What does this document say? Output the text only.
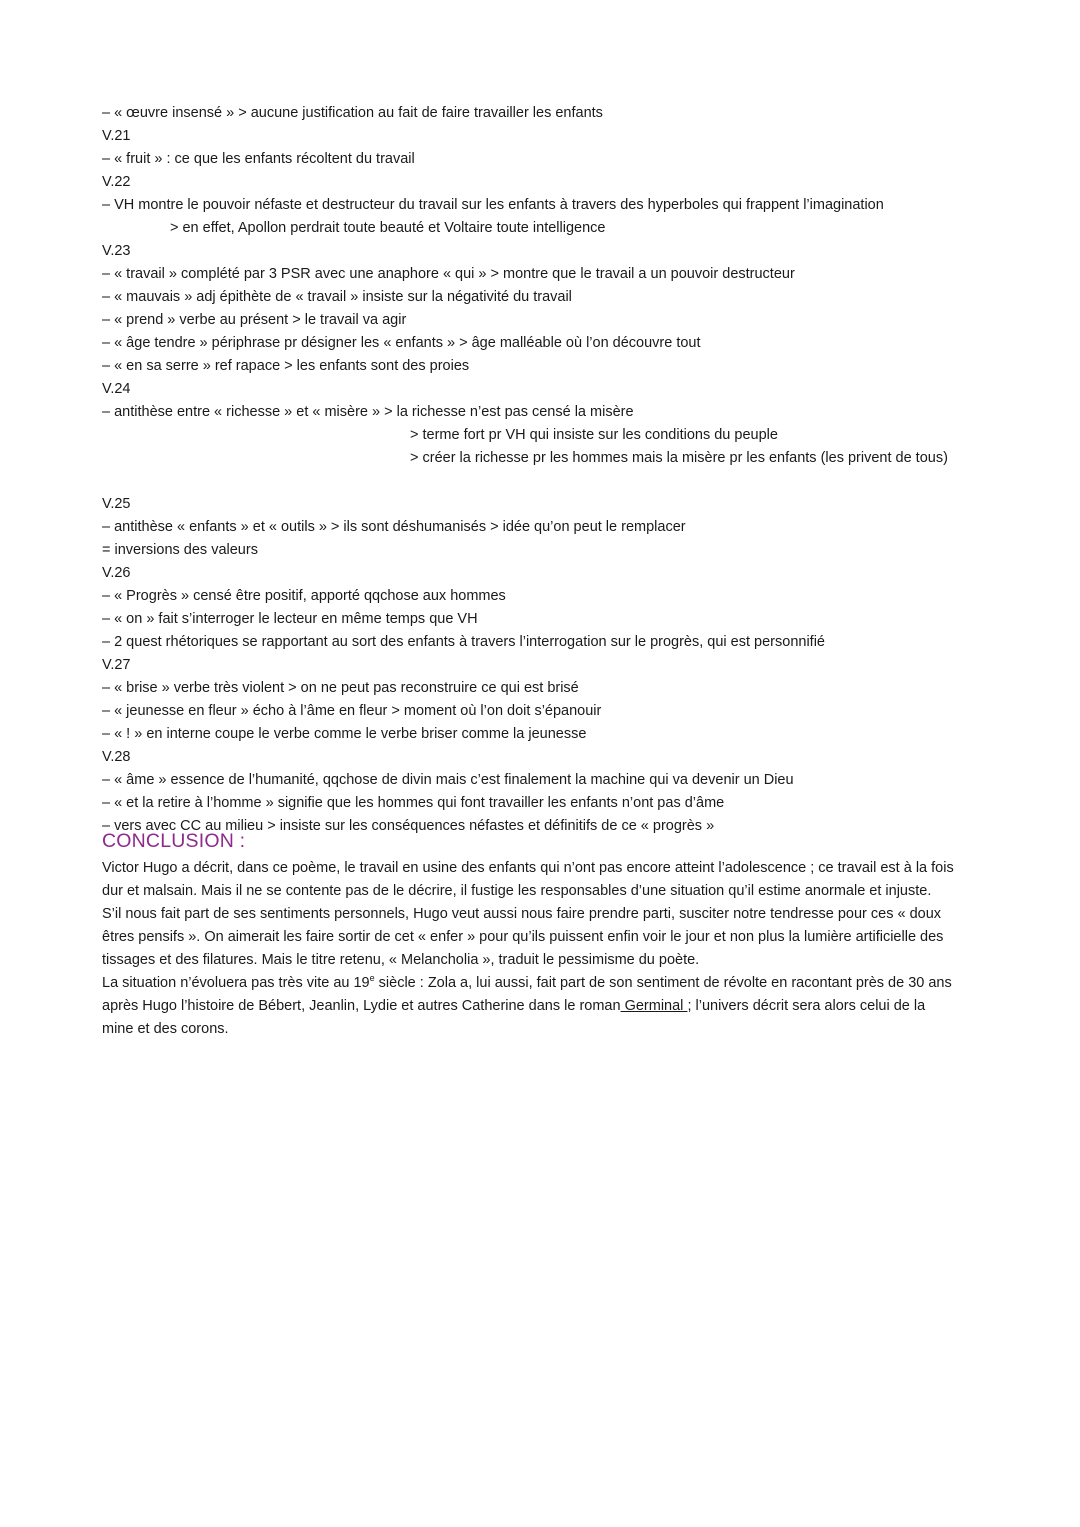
– « œuvre insensé » > aucune justification au fait de faire travailler les enfants
V.21
– « fruit » : ce que les enfants récoltent du travail
V.22
– VH montre le pouvoir néfaste et destructeur du travail sur les enfants à travers des hyperboles qui frappent l’imagination
> en effet, Apollon perdrait toute beauté et Voltaire toute intelligence
V.23
– « travail » complété par 3 PSR avec une anaphore « qui » > montre que le travail a un pouvoir destructeur
– « mauvais » adj épithète de « travail » insiste sur la négativité du travail
– « prend » verbe au présent > le travail va agir
– « âge tendre » périphrase pr désigner les « enfants » > âge malléable où l’on découvre tout
– « en sa serre » ref rapace > les enfants sont des proies
V.24
– antithèse entre « richesse » et « misère » > la richesse n’est pas censé la misère
> terme fort pr VH qui insiste sur les conditions du peuple
> créer la richesse pr les hommes mais la misère pr les enfants (les privent de tous)
V.25
– antithèse « enfants » et « outils » > ils sont déshumanisés > idée qu’on peut le remplacer
= inversions des valeurs
V.26
– « Progrès » censé être positif, apporté qqchose aux hommes
– « on » fait s’interroger le lecteur en même temps que VH
– 2 quest rhétoriques se rapportant au sort des enfants à travers l’interrogation sur le progrès, qui est personnifié
V.27
– « brise » verbe très violent > on ne peut pas reconstruire ce qui est brisé
– « jeunesse en fleur » écho à l’âme en fleur > moment où l’on doit s’épanouir
– « ! » en interne coupe le verbe comme le verbe briser comme la jeunesse
V.28
– « âme » essence de l’humanité, qqchose de divin mais c’est finalement la machine qui va devenir un Dieu
– « et la retire à l’homme » signifie que les hommes qui font travailler les enfants n’ont pas d’âme
– vers avec CC au milieu > insiste sur les conséquences néfastes et définitifs de ce « progrès »
CONCLUSION :
Victor Hugo a décrit, dans ce poème, le travail en usine des enfants qui n’ont pas encore atteint l’adolescence ; ce travail est à la fois
dur et malsain. Mais il ne se contente pas de le décrire, il fustige les responsables d’une situation qu’il estime anormale et injuste.
S’il nous fait part de ses sentiments personnels, Hugo veut aussi nous faire prendre parti, susciter notre tendresse pour ces « doux
êtres pensifs ». On aimerait les faire sortir de cet « enfer » pour qu’ils puissent enfin voir le jour et non plus la lumière artificielle des
tissages et des filatures. Mais le titre retenu, « Melancholia », traduit le pessimisme du poète.
La situation n’évoluera pas très vite au 19e siècle : Zola a, lui aussi, fait part de son sentiment de révolte en racontant près de 30 ans
après Hugo l’histoire de Bébert, Jeanlin, Lydie et autres Catherine dans le roman Germinal ; l’univers décrit sera alors celui de la
mine et des corons.
